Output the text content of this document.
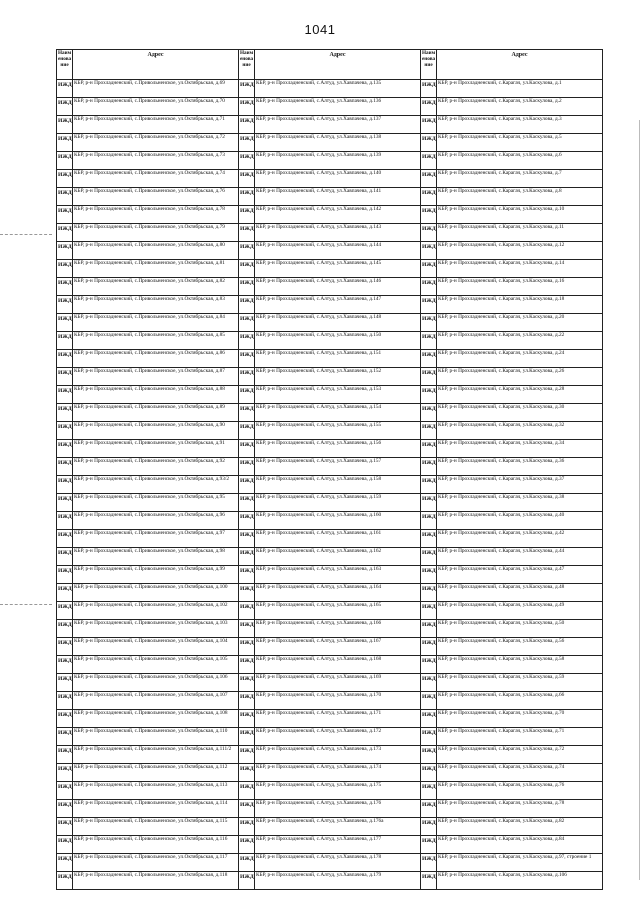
1041
Наим енова ние	Адрес	Наим енова ние	Адрес	Наим енова ние	Адрес
ИЖД	КБР, р-н Прохладненский, с.Привольненское, ул.Октябрьская, д.69	ИЖД	КБР, р-н Прохладненский, с.Алтуд, ул.Хавпачева, д.135	ИЖД	КБР, р-н Прохладненский, с.Карагач, ул.Каскулова, д.1
ИЖД	КБР, р-н Прохладненский, с.Привольненское, ул.Октябрьская, д.70	ИЖД	КБР, р-н Прохладненский, с.Алтуд, ул.Хавпачева, д.136	ИЖД	КБР, р-н Прохладненский, с.Карагач, ул.Каскулова, д.2
ИЖД	КБР, р-н Прохладненский, с.Привольненское, ул.Октябрьская, д.71	ИЖД	КБР, р-н Прохладненский, с.Алтуд, ул.Хавпачева, д.137	ИЖД	КБР, р-н Прохладненский, с.Карагач, ул.Каскулова, д.3
ИЖД	КБР, р-н Прохладненский, с.Привольненское, ул.Октябрьская, д.72	ИЖД	КБР, р-н Прохладненский, с.Алтуд, ул.Хавпачева, д.138	ИЖД	КБР, р-н Прохладненский, с.Карагач, ул.Каскулова, д.5
ИЖД	КБР, р-н Прохладненский, с.Привольненское, ул.Октябрьская, д.73	ИЖД	КБР, р-н Прохладненский, с.Алтуд, ул.Хавпачева, д.139	ИЖД	КБР, р-н Прохладненский, с.Карагач, ул.Каскулова, д.6
ИЖД	КБР, р-н Прохладненский, с.Привольненское, ул.Октябрьская, д.74	ИЖД	КБР, р-н Прохладненский, с.Алтуд, ул.Хавпачева, д.140	ИЖД	КБР, р-н Прохладненский, с.Карагач, ул.Каскулова, д.7
ИЖД	КБР, р-н Прохладненский, с.Привольненское, ул.Октябрьская, д.76	ИЖД	КБР, р-н Прохладненский, с.Алтуд, ул.Хавпачева, д.141	ИЖД	КБР, р-н Прохладненский, с.Карагач, ул.Каскулова, д.8
ИЖД	КБР, р-н Прохладненский, с.Привольненское, ул.Октябрьская, д.78	ИЖД	КБР, р-н Прохладненский, с.Алтуд, ул.Хавпачева, д.142	ИЖД	КБР, р-н Прохладненский, с.Карагач, ул.Каскулова, д.10
ИЖД	КБР, р-н Прохладненский, с.Привольненское, ул.Октябрьская, д.79	ИЖД	КБР, р-н Прохладненский, с.Алтуд, ул.Хавпачева, д.143	ИЖД	КБР, р-н Прохладненский, с.Карагач, ул.Каскулова, д.11
ИЖД	КБР, р-н Прохладненский, с.Привольненское, ул.Октябрьская, д.80	ИЖД	КБР, р-н Прохладненский, с.Алтуд, ул.Хавпачева, д.144	ИЖД	КБР, р-н Прохладненский, с.Карагач, ул.Каскулова, д.12
ИЖД	КБР, р-н Прохладненский, с.Привольненское, ул.Октябрьская, д.81	ИЖД	КБР, р-н Прохладненский, с.Алтуд, ул.Хавпачева, д.145	ИЖД	КБР, р-н Прохладненский, с.Карагач, ул.Каскулова, д.14
ИЖД	КБР, р-н Прохладненский, с.Привольненское, ул.Октябрьская, д.82	ИЖД	КБР, р-н Прохладненский, с.Алтуд, ул.Хавпачева, д.146	ИЖД	КБР, р-н Прохладненский, с.Карагач, ул.Каскулова, д.16
ИЖД	КБР, р-н Прохладненский, с.Привольненское, ул.Октябрьская, д.83	ИЖД	КБР, р-н Прохладненский, с.Алтуд, ул.Хавпачева, д.147	ИЖД	КБР, р-н Прохладненский, с.Карагач, ул.Каскулова, д.18
ИЖД	КБР, р-н Прохладненский, с.Привольненское, ул.Октябрьская, д.84	ИЖД	КБР, р-н Прохладненский, с.Алтуд, ул.Хавпачева, д.148	ИЖД	КБР, р-н Прохладненский, с.Карагач, ул.Каскулова, д.20
ИЖД	КБР, р-н Прохладненский, с.Привольненское, ул.Октябрьская, д.85	ИЖД	КБР, р-н Прохладненский, с.Алтуд, ул.Хавпачева, д.150	ИЖД	КБР, р-н Прохладненский, с.Карагач, ул.Каскулова, д.22
ИЖД	КБР, р-н Прохладненский, с.Привольненское, ул.Октябрьская, д.86	ИЖД	КБР, р-н Прохладненский, с.Алтуд, ул.Хавпачева, д.151	ИЖД	КБР, р-н Прохладненский, с.Карагач, ул.Каскулова, д.24
ИЖД	КБР, р-н Прохладненский, с.Привольненское, ул.Октябрьская, д.87	ИЖД	КБР, р-н Прохладненский, с.Алтуд, ул.Хавпачева, д.152	ИЖД	КБР, р-н Прохладненский, с.Карагач, ул.Каскулова, д.26
ИЖД	КБР, р-н Прохладненский, с.Привольненское, ул.Октябрьская, д.88	ИЖД	КБР, р-н Прохладненский, с.Алтуд, ул.Хавпачева, д.153	ИЖД	КБР, р-н Прохладненский, с.Карагач, ул.Каскулова, д.28
ИЖД	КБР, р-н Прохладненский, с.Привольненское, ул.Октябрьская, д.89	ИЖД	КБР, р-н Прохладненский, с.Алтуд, ул.Хавпачева, д.154	ИЖД	КБР, р-н Прохладненский, с.Карагач, ул.Каскулова, д.30
ИЖД	КБР, р-н Прохладненский, с.Привольненское, ул.Октябрьская, д.90	ИЖД	КБР, р-н Прохладненский, с.Алтуд, ул.Хавпачева, д.155	ИЖД	КБР, р-н Прохладненский, с.Карагач, ул.Каскулова, д.32
ИЖД	КБР, р-н Прохладненский, с.Привольненское, ул.Октябрьская, д.91	ИЖД	КБР, р-н Прохладненский, с.Алтуд, ул.Хавпачева, д.156	ИЖД	КБР, р-н Прохладненский, с.Карагач, ул.Каскулова, д.34
ИЖД	КБР, р-н Прохладненский, с.Привольненское, ул.Октябрьская, д.92	ИЖД	КБР, р-н Прохладненский, с.Алтуд, ул.Хавпачева, д.157	ИЖД	КБР, р-н Прохладненский, с.Карагач, ул.Каскулова, д.36
ИЖД	КБР, р-н Прохладненский, с.Привольненское, ул.Октябрьская, д.93/2	ИЖД	КБР, р-н Прохладненский, с.Алтуд, ул.Хавпачева, д.158	ИЖД	КБР, р-н Прохладненский, с.Карагач, ул.Каскулова, д.37
ИЖД	КБР, р-н Прохладненский, с.Привольненское, ул.Октябрьская, д.95	ИЖД	КБР, р-н Прохладненский, с.Алтуд, ул.Хавпачева, д.159	ИЖД	КБР, р-н Прохладненский, с.Карагач, ул.Каскулова, д.38
ИЖД	КБР, р-н Прохладненский, с.Привольненское, ул.Октябрьская, д.96	ИЖД	КБР, р-н Прохладненский, с.Алтуд, ул.Хавпачева, д.160	ИЖД	КБР, р-н Прохладненский, с.Карагач, ул.Каскулова, д.40
ИЖД	КБР, р-н Прохладненский, с.Привольненское, ул.Октябрьская, д.97	ИЖД	КБР, р-н Прохладненский, с.Алтуд, ул.Хавпачева, д.161	ИЖД	КБР, р-н Прохладненский, с.Карагач, ул.Каскулова, д.42
ИЖД	КБР, р-н Прохладненский, с.Привольненское, ул.Октябрьская, д.98	ИЖД	КБР, р-н Прохладненский, с.Алтуд, ул.Хавпачева, д.162	ИЖД	КБР, р-н Прохладненский, с.Карагач, ул.Каскулова, д.44
ИЖД	КБР, р-н Прохладненский, с.Привольненское, ул.Октябрьская, д.99	ИЖД	КБР, р-н Прохладненский, с.Алтуд, ул.Хавпачева, д.163	ИЖД	КБР, р-н Прохладненский, с.Карагач, ул.Каскулова, д.47
ИЖД	КБР, р-н Прохладненский, с.Привольненское, ул.Октябрьская, д.100	ИЖД	КБР, р-н Прохладненский, с.Алтуд, ул.Хавпачева, д.164	ИЖД	КБР, р-н Прохладненский, с.Карагач, ул.Каскулова, д.48
ИЖД	КБР, р-н Прохладненский, с.Привольненское, ул.Октябрьская, д.102	ИЖД	КБР, р-н Прохладненский, с.Алтуд, ул.Хавпачева, д.165	ИЖД	КБР, р-н Прохладненский, с.Карагач, ул.Каскулова, д.49
ИЖД	КБР, р-н Прохладненский, с.Привольненское, ул.Октябрьская, д.103	ИЖД	КБР, р-н Прохладненский, с.Алтуд, ул.Хавпачева, д.166	ИЖД	КБР, р-н Прохладненский, с.Карагач, ул.Каскулова, д.50
ИЖД	КБР, р-н Прохладненский, с.Привольненское, ул.Октябрьская, д.104	ИЖД	КБР, р-н Прохладненский, с.Алтуд, ул.Хавпачева, д.167	ИЖД	КБР, р-н Прохладненский, с.Карагач, ул.Каскулова, д.56
ИЖД	КБР, р-н Прохладненский, с.Привольненское, ул.Октябрьская, д.105	ИЖД	КБР, р-н Прохладненский, с.Алтуд, ул.Хавпачева, д.168	ИЖД	КБР, р-н Прохладненский, с.Карагач, ул.Каскулова, д.58
ИЖД	КБР, р-н Прохладненский, с.Привольненское, ул.Октябрьская, д.106	ИЖД	КБР, р-н Прохладненский, с.Алтуд, ул.Хавпачева, д.169	ИЖД	КБР, р-н Прохладненский, с.Карагач, ул.Каскулова, д.59
ИЖД	КБР, р-н Прохладненский, с.Привольненское, ул.Октябрьская, д.107	ИЖД	КБР, р-н Прохладненский, с.Алтуд, ул.Хавпачева, д.170	ИЖД	КБР, р-н Прохладненский, с.Карагач, ул.Каскулова, д.66
ИЖД	КБР, р-н Прохладненский, с.Привольненское, ул.Октябрьская, д.108	ИЖД	КБР, р-н Прохладненский, с.Алтуд, ул.Хавпачева, д.171	ИЖД	КБР, р-н Прохладненский, с.Карагач, ул.Каскулова, д.70
ИЖД	КБР, р-н Прохладненский, с.Привольненское, ул.Октябрьская, д.110	ИЖД	КБР, р-н Прохладненский, с.Алтуд, ул.Хавпачева, д.172	ИЖД	КБР, р-н Прохладненский, с.Карагач, ул.Каскулова, д.71
ИЖД	КБР, р-н Прохладненский, с.Привольненское, ул.Октябрьская, д.111/2	ИЖД	КБР, р-н Прохладненский, с.Алтуд, ул.Хавпачева, д.173	ИЖД	КБР, р-н Прохладненский, с.Карагач, ул.Каскулова, д.72
ИЖД	КБР, р-н Прохладненский, с.Привольненское, ул.Октябрьская, д.112	ИЖД	КБР, р-н Прохладненский, с.Алтуд, ул.Хавпачева, д.174	ИЖД	КБР, р-н Прохладненский, с.Карагач, ул.Каскулова, д.74
ИЖД	КБР, р-н Прохладненский, с.Привольненское, ул.Октябрьская, д.113	ИЖД	КБР, р-н Прохладненский, с.Алтуд, ул.Хавпачева, д.175	ИЖД	КБР, р-н Прохладненский, с.Карагач, ул.Каскулова, д.76
ИЖД	КБР, р-н Прохладненский, с.Привольненское, ул.Октябрьская, д.114	ИЖД	КБР, р-н Прохладненский, с.Алтуд, ул.Хавпачева, д.176	ИЖД	КБР, р-н Прохладненский, с.Карагач, ул.Каскулова, д.78
ИЖД	КБР, р-н Прохладненский, с.Привольненское, ул.Октябрьская, д.115	ИЖД	КБР, р-н Прохладненский, с.Алтуд, ул.Хавпачева, д.176а	ИЖД	КБР, р-н Прохладненский, с.Карагач, ул.Каскулова, д.82
ИЖД	КБР, р-н Прохладненский, с.Привольненское, ул.Октябрьская, д.116	ИЖД	КБР, р-н Прохладненский, с.Алтуд, ул.Хавпачева, д.177	ИЖД	КБР, р-н Прохладненский, с.Карагач, ул.Каскулова, д.84
ИЖД	КБР, р-н Прохладненский, с.Привольненское, ул.Октябрьская, д.117	ИЖД	КБР, р-н Прохладненский, с.Алтуд, ул.Хавпачева, д.178	ИЖД	КБР, р-н Прохладненский, с.Карагач, ул.Каскулова, д.97, строение 1
ИЖД	КБР, р-н Прохладненский, с.Привольненское, ул.Октябрьская, д.118	ИЖД	КБР, р-н Прохладненский, с.Алтуд, ул.Хавпачева, д.179	ИЖД	КБР, р-н Прохладненский, с.Карагач, ул.Каскулова, д.106
